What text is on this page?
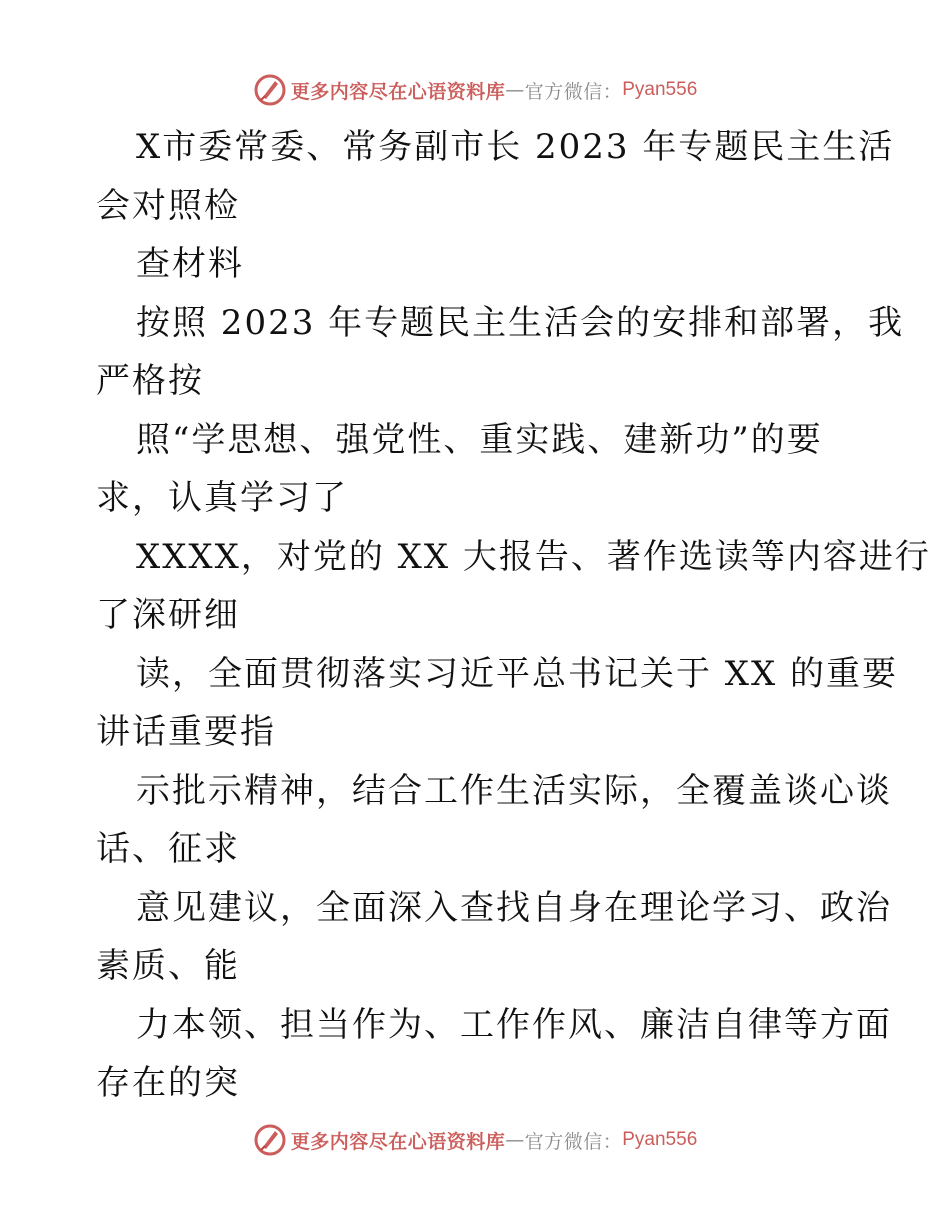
更多内容尽在心语资料库 — 官方微信： Pyan556
X市委常委、常务副市长 2023 年专题民主生活
会对照检
查材料
按照 2023 年专题民主生活会的安排和部署，我
严格按
照“学思想、强党性、重实践、建新功”的要
求，认真学习了
XXXX，对党的 XX 大报告、著作选读等内容进行
了深研细
读，全面贯彻落实习近平总书记关于 XX 的重要
讲话重要指
示批示精神，结合工作生活实际，全覆盖谈心谈
话、征求
意见建议，全面深入查找自身在理论学习、政治
素质、能
力本领、担当作为、工作作风、廉洁自律等方面
存在的突
更多内容尽在心语资料库 — 官方微信： Pyan556
